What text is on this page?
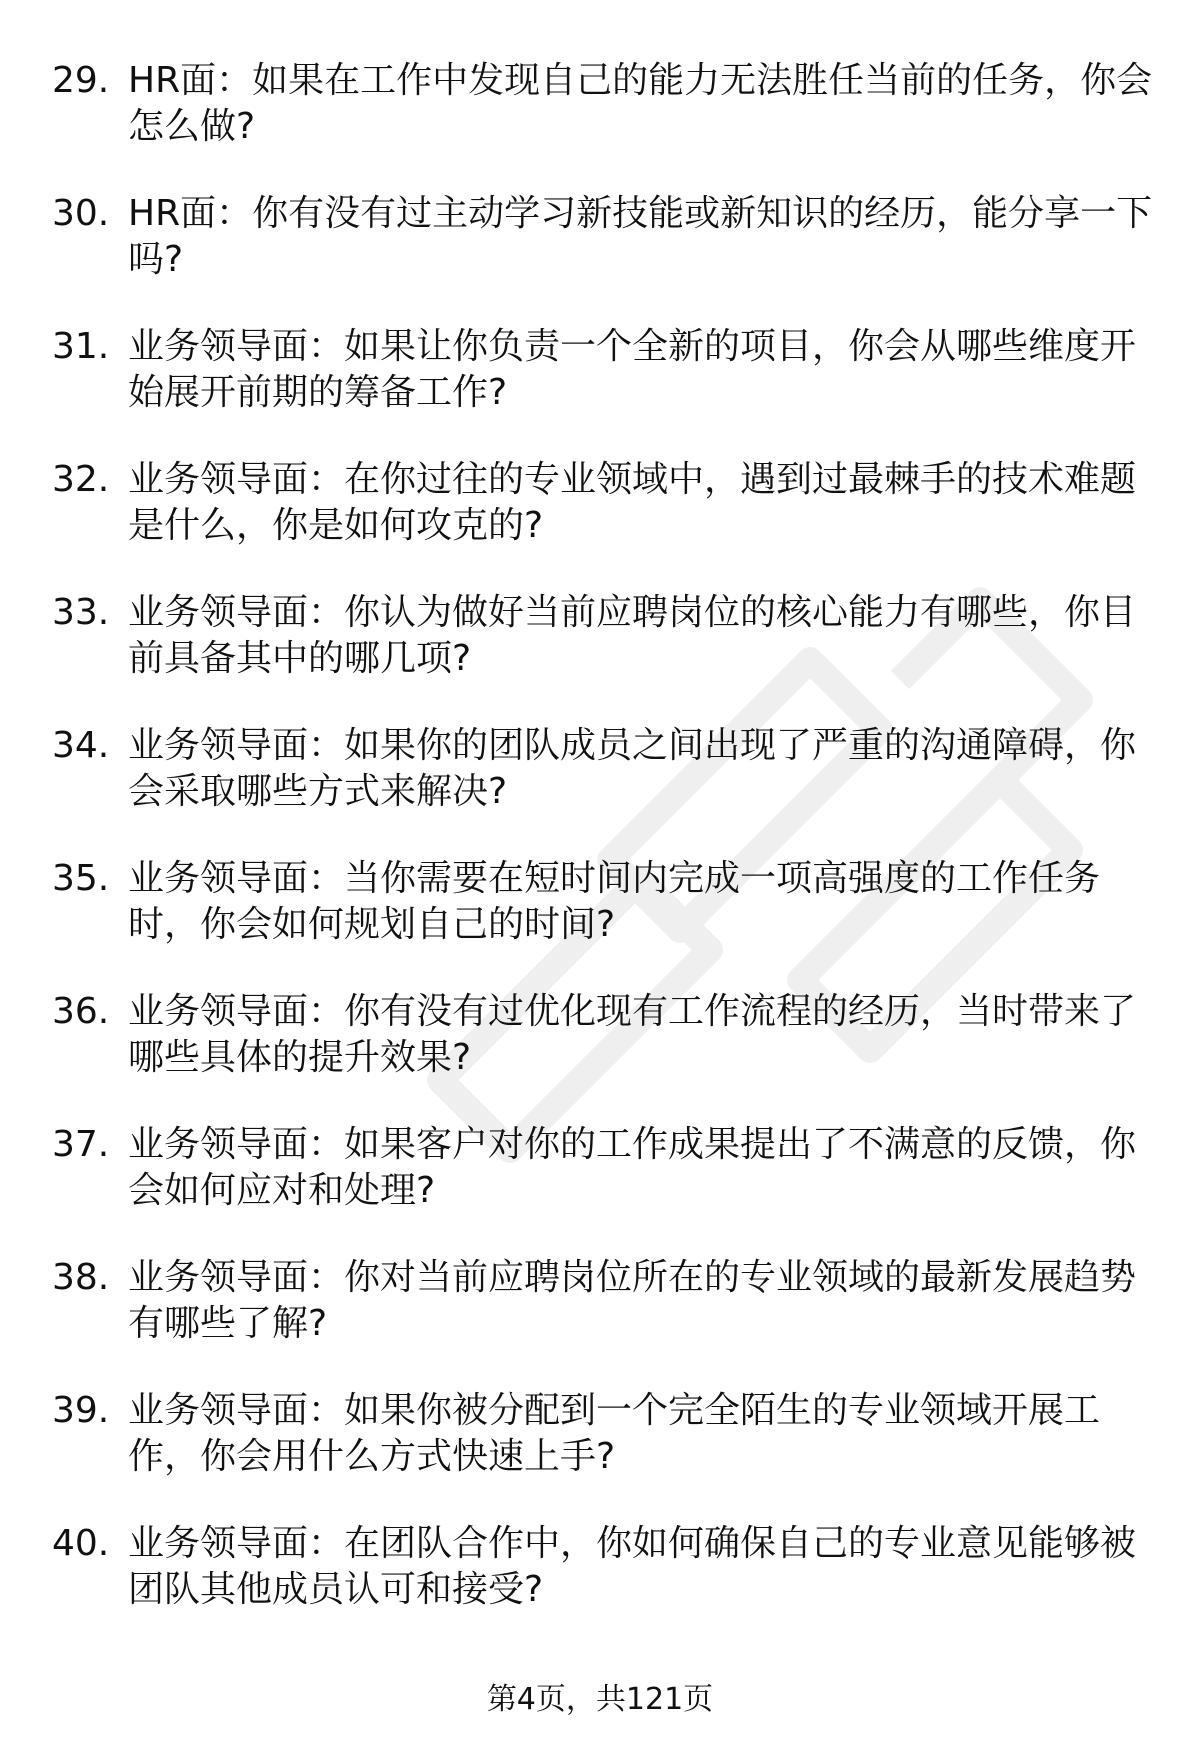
29. HR面：如果在工作中发现自己的能力无法胜任当前的任务，你会怎么做?
30. HR面：你有没有过主动学习新技能或新知识的经历，能分享一下吗?
31. 业务领导面：如果让你负责一个全新的项目，你会从哪些维度开始展开前期的筹备工作?
32. 业务领导面：在你过往的专业领域中，遇到过最棘手的技术难题是什么，你是如何攻克的?
33. 业务领导面：你认为做好当前应聘岗位的核心能力有哪些，你目前具备其中的哪几项?
34. 业务领导面：如果你的团队成员之间出现了严重的沟通障碍，你会采取哪些方式来解决?
35. 业务领导面：当你需要在短时间内完成一项高强度的工作任务时，你会如何规划自己的时间?
36. 业务领导面：你有没有过优化现有工作流程的经历，当时带来了哪些具体的提升效果?
37. 业务领导面：如果客户对你的工作成果提出了不满意的反馈，你会如何应对和处理?
38. 业务领导面：你对当前应聘岗位所在的专业领域的最新发展趋势有哪些了解?
39. 业务领导面：如果你被分配到一个完全陌生的专业领域开展工作，你会用什么方式快速上手?
40. 业务领导面：在团队合作中，你如何确保自己的专业意见能够被团队其他成员认可和接受?
第4页，共121页
